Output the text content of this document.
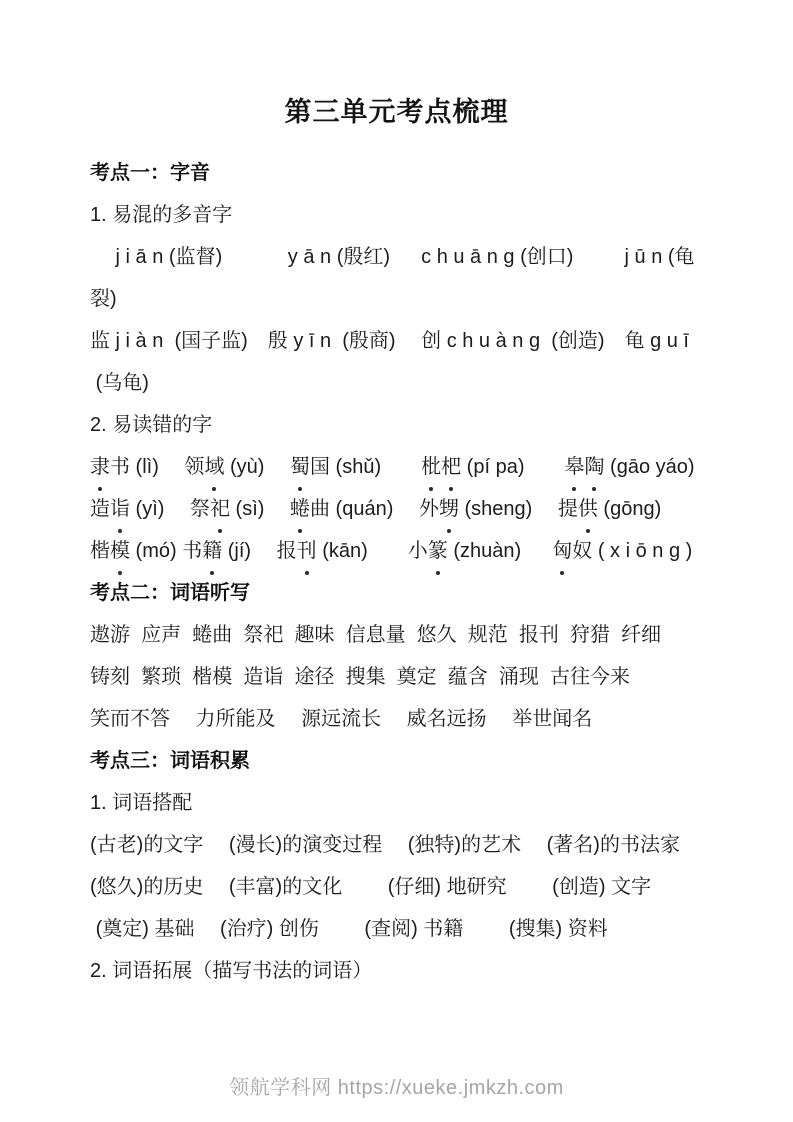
第三单元考点梳理
考点一：字音
1. 易混的多音字
　 j i ā n (监督)　　　 y ā n (殷红)　  c h u ā n g (创口)　　  j ū n (龟
裂)
监 j i à n  (国子监)　殷 y ī n  (殷商)　 创 c h u à n g  (创造)　龟 g u ī
(乌龟)
2. 易读错的字
隶书 (lì)　 领域 (yù)　 蜀国 (shǔ)　　枇杷 (pí pa)　　皋陶 (gāo yáo)
造诣 (yì)　 祭祀 (sì)　 蜷曲 (quán)　 外甥 (sheng)　 提供 (gōng)
楷模 (mó) 书籍 (jí)　 报刊 (kān)　　小篆 (zhuàn)　  匈奴 ( x i ō n g )
考点二：词语听写
遨游  应声  蜷曲  祭祀  趣味  信息量  悠久  规范  报刊  狩猎  纤细
铸刻  繁琐  楷模  造诣  途径  搜集  奠定  蕴含  涌现  古往今来
笑而不答 　力所能及 　源远流长 　威名远扬 　举世闻名
考点三：词语积累
1. 词语搭配
(古老)的文字　 (漫长)的演变过程　 (独特)的艺术　 (著名)的书法家
(悠久)的历史　 (丰富)的文化　　 (仔细) 地研究　　 (创造) 文字
(奠定) 基础　 (治疗) 创伤　　 (查阅) 书籍　　 (搜集) 资料
2. 词语拓展（描写书法的词语）
领航学科网 https://xueke.jmkzh.com
